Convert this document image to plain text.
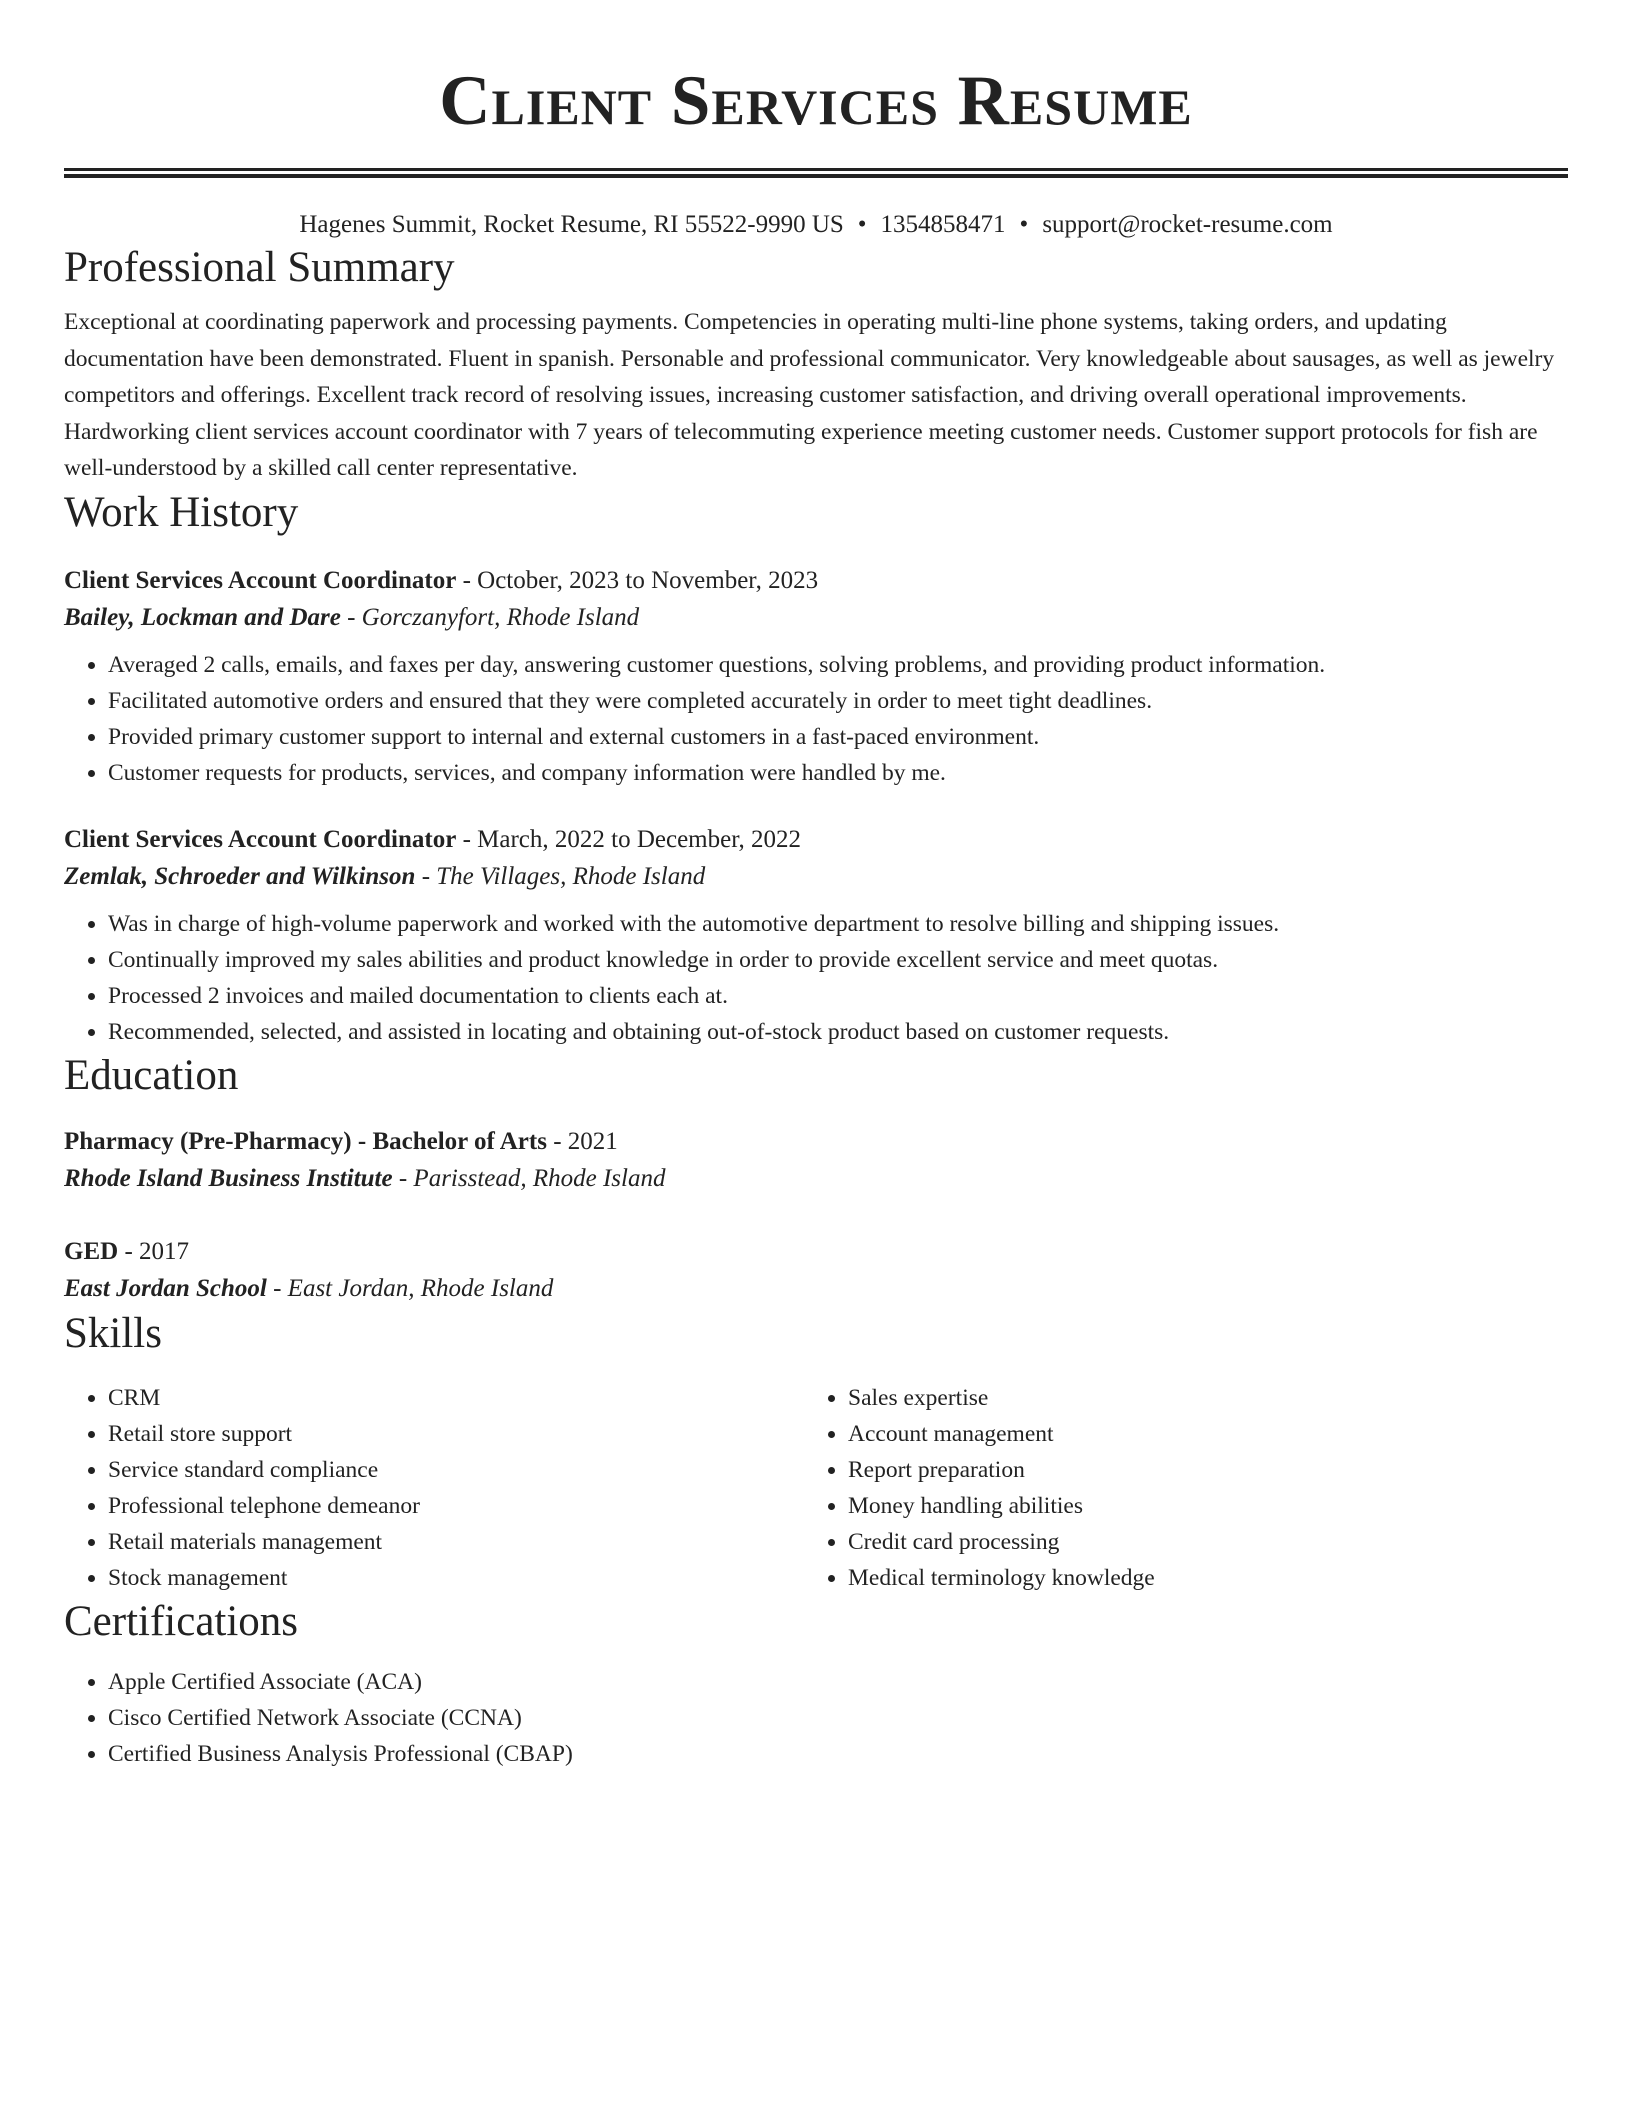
Client Services Resume
Hagenes Summit, Rocket Resume, RI 55522-9990 US • 1354858471 • support@rocket-resume.com
Professional Summary
Exceptional at coordinating paperwork and processing payments. Competencies in operating multi-line phone systems, taking orders, and updating documentation have been demonstrated. Fluent in spanish. Personable and professional communicator. Very knowledgeable about sausages, as well as jewelry competitors and offerings. Excellent track record of resolving issues, increasing customer satisfaction, and driving overall operational improvements. Hardworking client services account coordinator with 7 years of telecommuting experience meeting customer needs. Customer support protocols for fish are well-understood by a skilled call center representative.
Work History
Client Services Account Coordinator - October, 2023 to November, 2023
Bailey, Lockman and Dare - Gorczanyfort, Rhode Island
• Averaged 2 calls, emails, and faxes per day, answering customer questions, solving problems, and providing product information.
• Facilitated automotive orders and ensured that they were completed accurately in order to meet tight deadlines.
• Provided primary customer support to internal and external customers in a fast-paced environment.
• Customer requests for products, services, and company information were handled by me.
Client Services Account Coordinator - March, 2022 to December, 2022
Zemlak, Schroeder and Wilkinson - The Villages, Rhode Island
• Was in charge of high-volume paperwork and worked with the automotive department to resolve billing and shipping issues.
• Continually improved my sales abilities and product knowledge in order to provide excellent service and meet quotas.
• Processed 2 invoices and mailed documentation to clients each at.
• Recommended, selected, and assisted in locating and obtaining out-of-stock product based on customer requests.
Education
Pharmacy (Pre-Pharmacy) - Bachelor of Arts - 2021
Rhode Island Business Institute - Parisstead, Rhode Island
GED - 2017
East Jordan School - East Jordan, Rhode Island
Skills
• CRM
• Retail store support
• Service standard compliance
• Professional telephone demeanor
• Retail materials management
• Stock management
• Sales expertise
• Account management
• Report preparation
• Money handling abilities
• Credit card processing
• Medical terminology knowledge
Certifications
• Apple Certified Associate (ACA)
• Cisco Certified Network Associate (CCNA)
• Certified Business Analysis Professional (CBAP)
